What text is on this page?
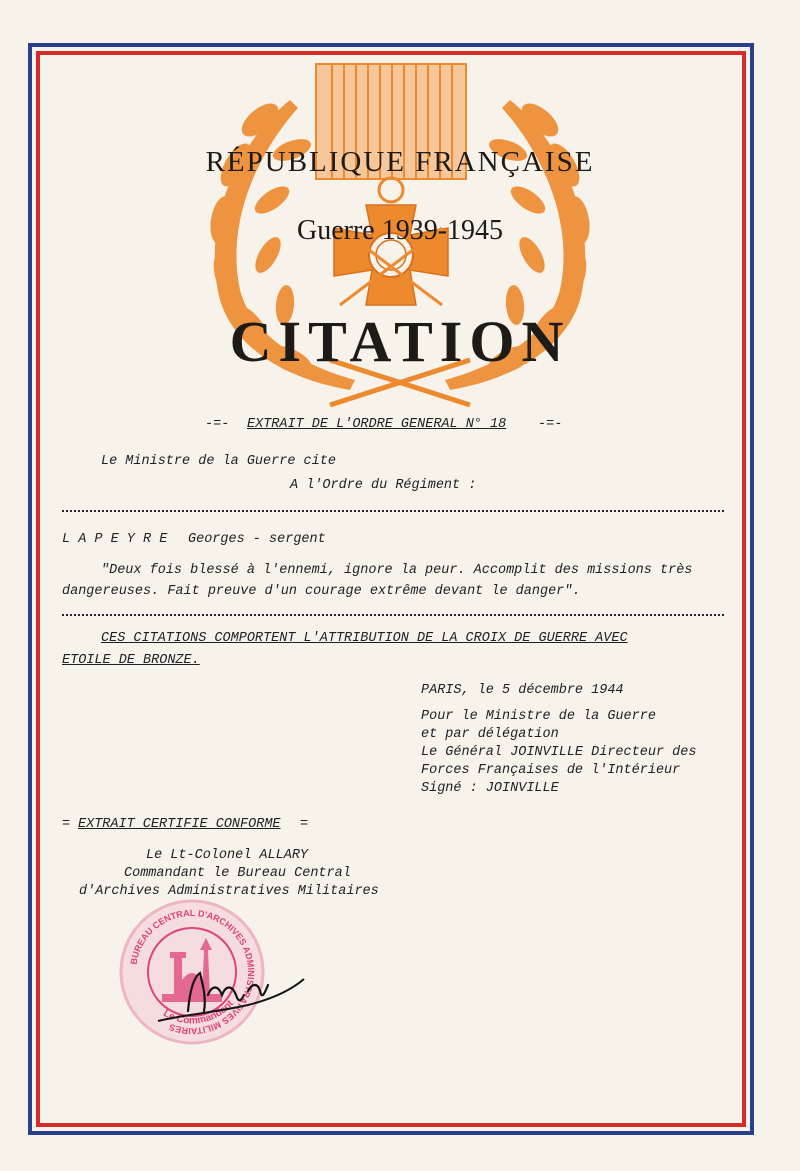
RÉPUBLIQUE FRANÇAISE
Guerre 1939-1945
CITATION
-=- EXTRAIT DE L'ORDRE GENERAL N° 18 -=-
Le Ministre de la Guerre cite
A l'Ordre du Régiment :
L A P E Y R E Georges - sergent
"Deux fois blessé à l'ennemi, ignore la peur. Accomplit des missions très
dangereuses. Fait preuve d'un courage extrême devant le danger".
CES CITATIONS COMPORTENT L'ATTRIBUTION DE LA CROIX DE GUERRE AVEC
ETOILE DE BRONZE.
PARIS, le 5 décembre 1944
Pour le Ministre de la Guerre
et par délégation
Le Général JOINVILLE Directeur des
Forces Françaises de l'Intérieur
Signé : JOINVILLE
= EXTRAIT CERTIFIE CONFORME =
Le Lt-Colonel ALLARY
Commandant le Bureau Central
d'Archives Administratives Militaires
BUREAU CENTRAL D'ARCHIVES ADMINISTRATIVES MILITAIRES
Le Commandant
